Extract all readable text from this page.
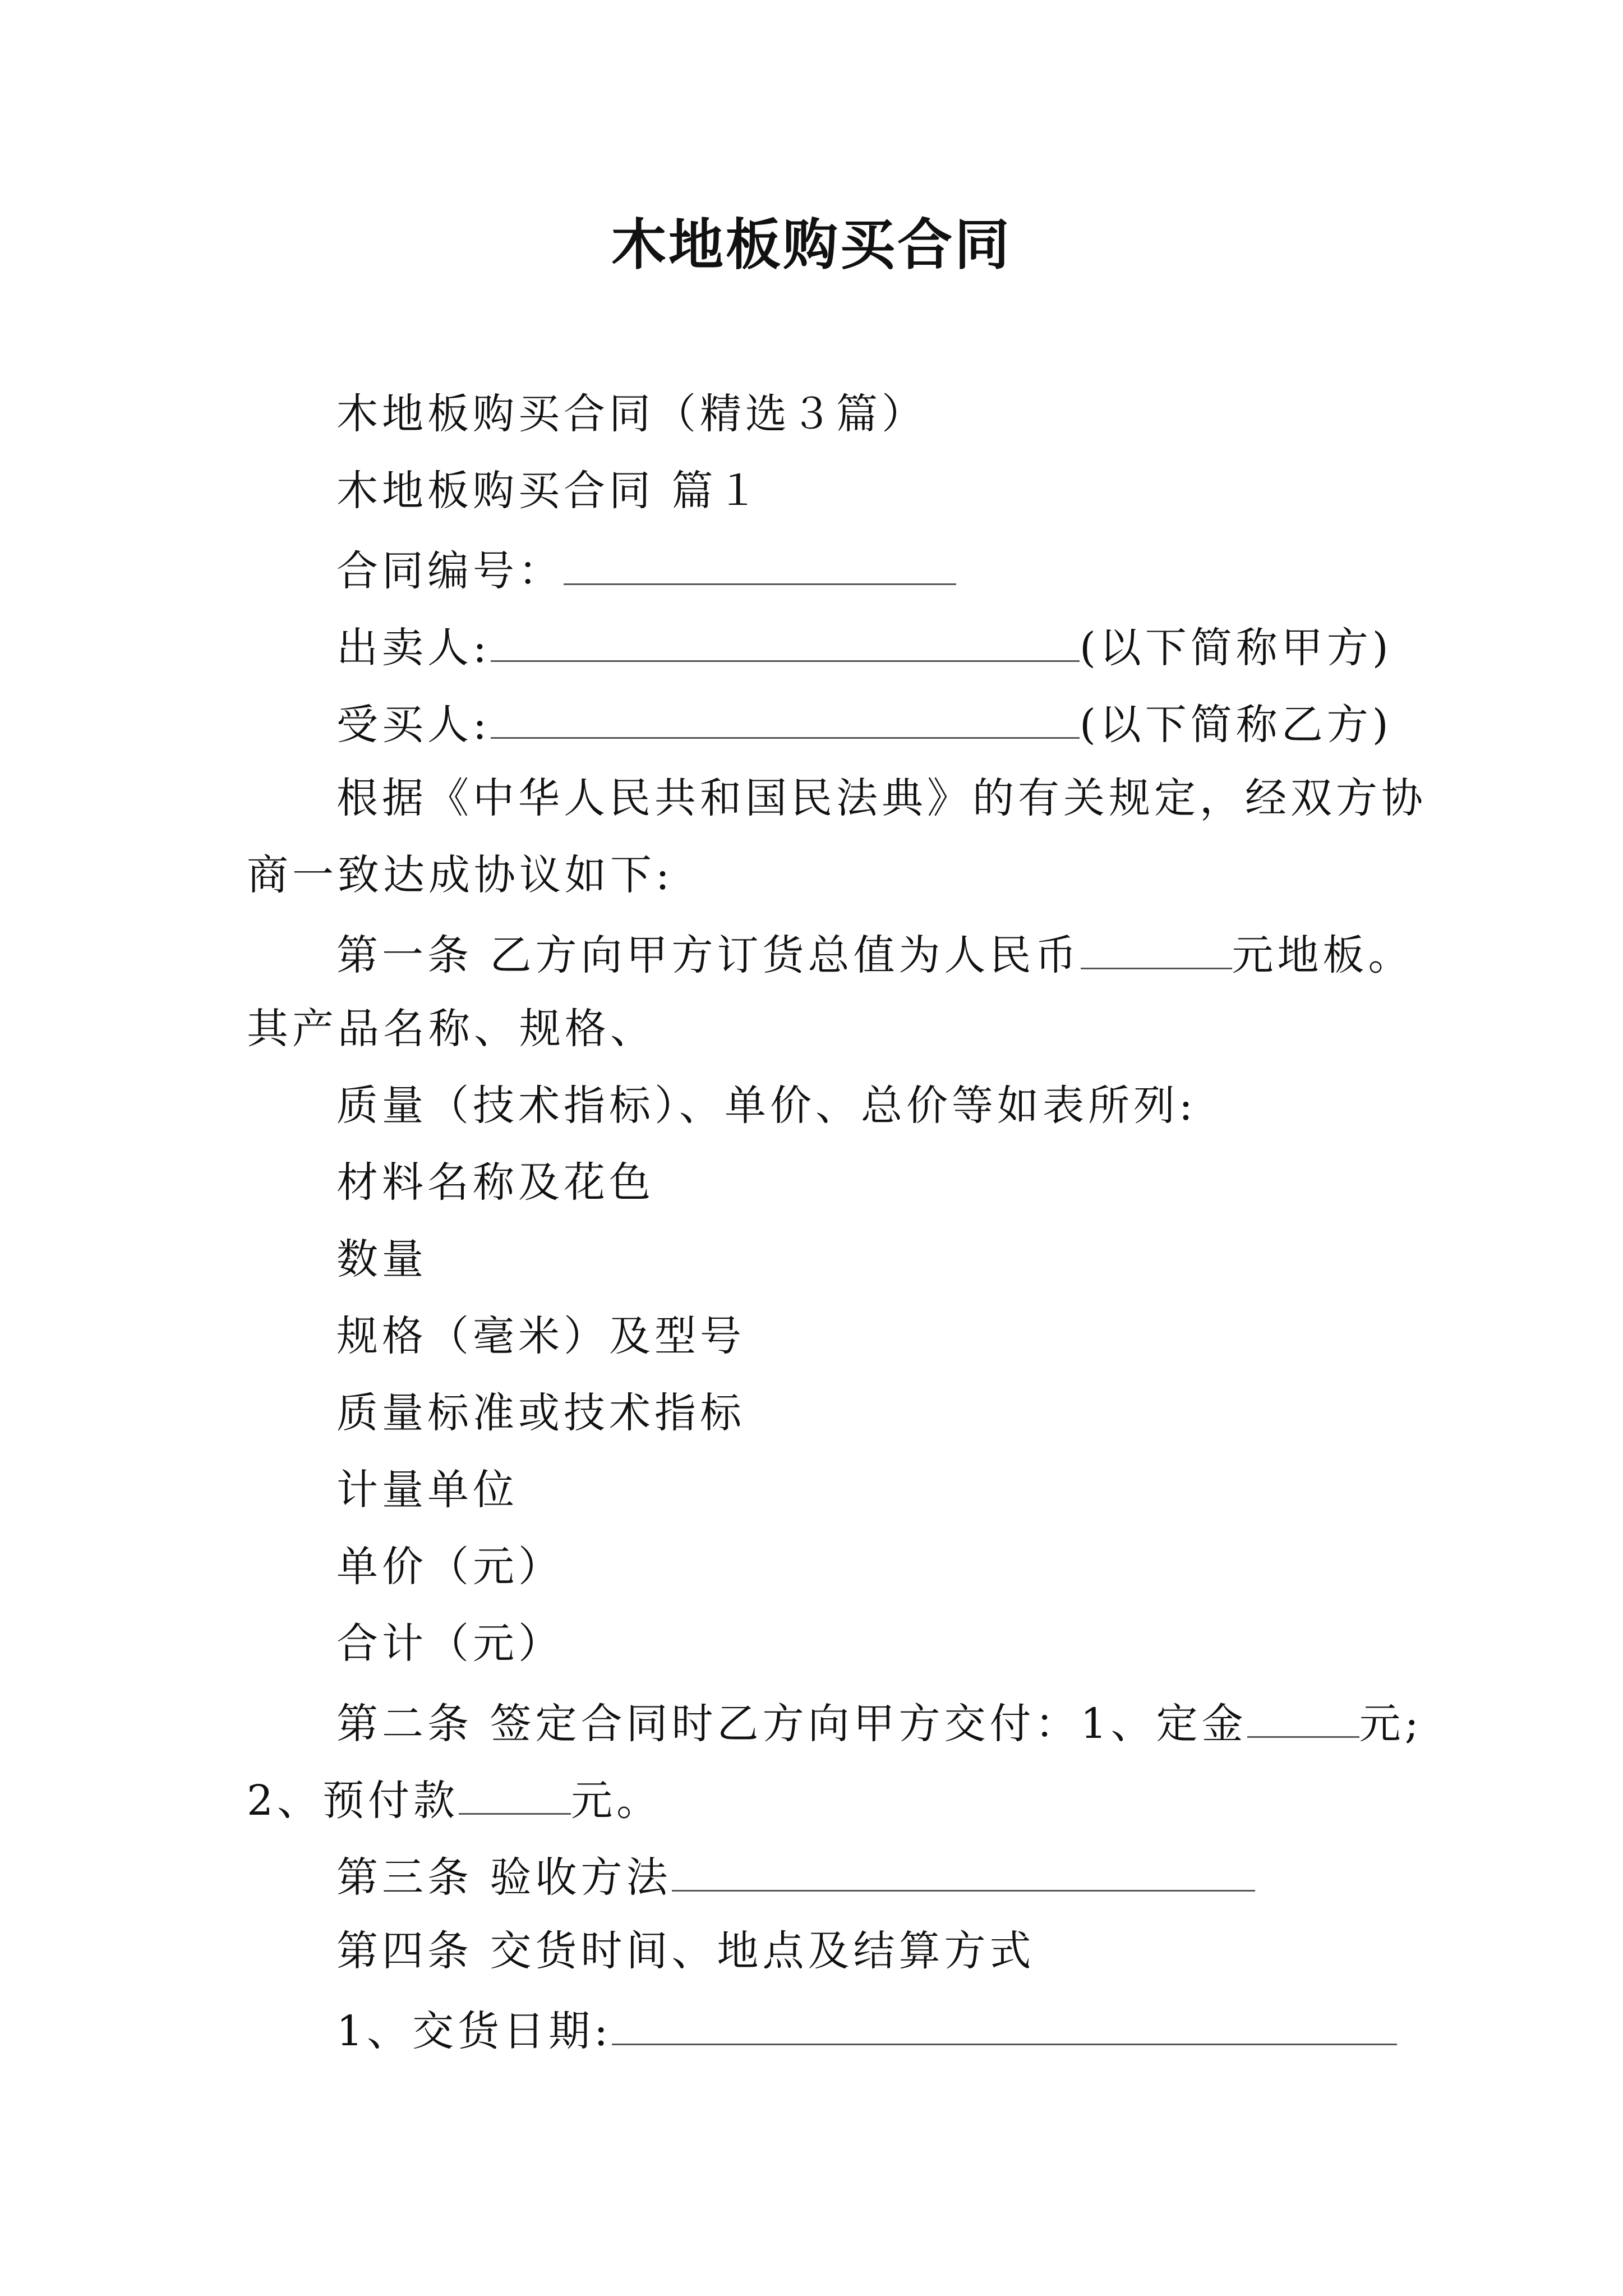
木地板购买合同
木地板购买合同（精选３篇）
木地板购买合同 篇１
合同编号：
出卖人:	(以下简称甲方)
受买人:	(以下简称乙方)
根据《中华人民共和国民法典》的有关规定，经双方协
商一致达成协议如下:
第一条 乙方向甲方订货总值为人民币	元地板。
其产品名称、规格、
质量（技术指标）、单价、总价等如表所列:
材料名称及花色
数量
规格（毫米）及型号
质量标准或技术指标
计量单位
单价（元）
合计（元）
第二条 签定合同时乙方向甲方交付：1、定金	元;
2、预付款	元。
第三条 验收方法
第四条 交货时间、地点及结算方式
1、交货日期:
